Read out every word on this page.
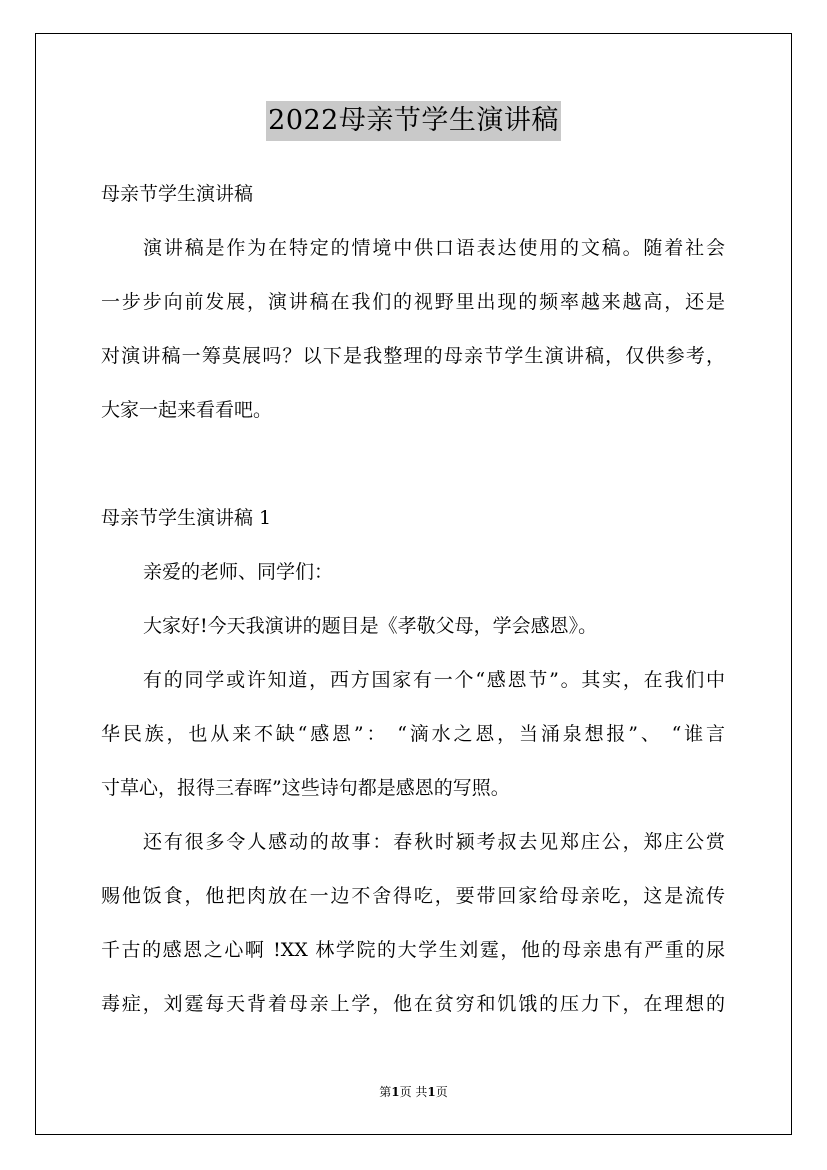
2022母亲节学生演讲稿
母亲节学生演讲稿
演讲稿是作为在特定的情境中供口语表达使用的文稿。随着社会
一步步向前发展，演讲稿在我们的视野里出现的频率越来越高，还是
对演讲稿一筹莫展吗？以下是我整理的母亲节学生演讲稿，仅供参考，
大家一起来看看吧。
母亲节学生演讲稿 1
亲爱的老师、同学们：
大家好!今天我演讲的题目是《孝敬父母，学会感恩》。
有的同学或许知道，西方国家有一个“感恩节”。其实，在我们中
华民族，也从来不缺“感恩”： “滴水之恩，当涌泉想报”、 “谁言
寸草心，报得三春晖”这些诗句都是感恩的写照。
还有很多令人感动的故事：春秋时颍考叔去见郑庄公，郑庄公赏
赐他饭食，他把肉放在一边不舍得吃，要带回家给母亲吃，这是流传
千古的感恩之心啊 !XX 林学院的大学生刘霆，他的母亲患有严重的尿
毒症，刘霆每天背着母亲上学，他在贫穷和饥饿的压力下，在理想的
第1页 共1页
